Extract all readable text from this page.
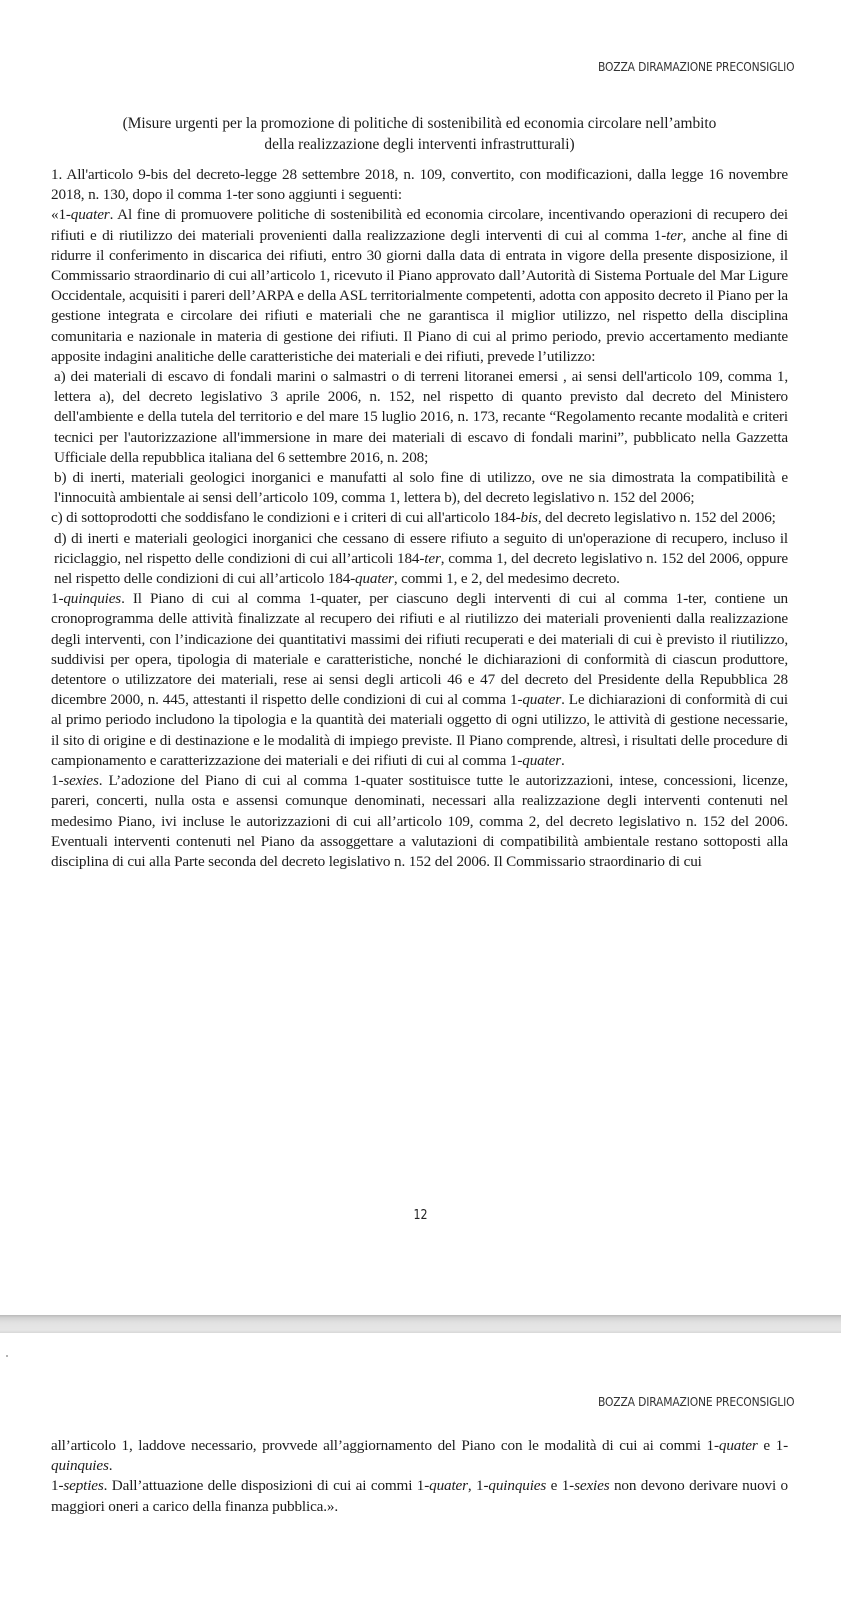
BOZZA DIRAMAZIONE PRECONSIGLIO
(Misure urgenti per la promozione di politiche di sostenibilità ed economia circolare nell’ambito
della realizzazione degli interventi infrastrutturali)

1. All'articolo 9-bis del decreto-legge 28 settembre 2018, n. 109, convertito, con modificazioni, dalla legge 16 novembre 2018, n. 130, dopo il comma 1-ter sono aggiunti i seguenti:

«1-quater. Al fine di promuovere politiche di sostenibilità ed economia circolare, incentivando operazioni di recupero dei rifiuti e di riutilizzo dei materiali provenienti dalla realizzazione degli interventi di cui al comma 1-ter, anche al fine di ridurre il conferimento in discarica dei rifiuti, entro 30 giorni dalla data di entrata in vigore della presente disposizione, il Commissario straordinario di cui all’articolo 1, ricevuto il Piano approvato dall’Autorità di Sistema Portuale del Mar Ligure Occidentale, acquisiti i pareri dell’ARPA e della ASL territorialmente competenti, adotta con apposito decreto il Piano per la gestione integrata e circolare dei rifiuti e materiali che ne garantisca il miglior utilizzo, nel rispetto della disciplina comunitaria e nazionale in materia di gestione dei rifiuti. Il Piano di cui al primo periodo, previo accertamento mediante apposite indagini analitiche delle caratteristiche dei materiali e dei rifiuti, prevede l’utilizzo:

a) dei materiali di escavo di fondali marini o salmastri o di terreni litoranei emersi , ai sensi dell'articolo 109, comma 1, lettera a), del decreto legislativo 3 aprile 2006, n. 152, nel rispetto di quanto previsto dal decreto del Ministero dell'ambiente e della tutela del territorio e del mare 15 luglio 2016, n. 173, recante “Regolamento recante modalità e criteri tecnici per l'autorizzazione all'immersione in mare dei materiali di escavo di fondali marini”, pubblicato nella Gazzetta Ufficiale della repubblica italiana del 6 settembre 2016, n. 208;

b) di inerti, materiali geologici inorganici e manufatti al solo fine di utilizzo, ove ne sia dimostrata la compatibilità e l'innocuità ambientale ai sensi dell’articolo 109, comma 1, lettera b), del decreto legislativo n. 152 del 2006;

c) di sottoprodotti che soddisfano le condizioni e i criteri di cui all'articolo 184-bis, del decreto legislativo n. 152 del 2006;

d) di inerti e materiali geologici inorganici che cessano di essere rifiuto a seguito di un'operazione di recupero, incluso il riciclaggio, nel rispetto delle condizioni di cui all’articoli 184-ter, comma 1, del decreto legislativo n. 152 del 2006, oppure nel rispetto delle condizioni di cui all’articolo 184-quater, commi 1, e 2, del medesimo decreto.

1-quinquies. Il Piano di cui al comma 1-quater, per ciascuno degli interventi di cui al comma 1-ter, contiene un cronoprogramma delle attività finalizzate al recupero dei rifiuti e al riutilizzo dei materiali provenienti dalla realizzazione degli interventi, con l’indicazione dei quantitativi massimi dei rifiuti recuperati e dei materiali di cui è previsto il riutilizzo, suddivisi per opera, tipologia di materiale e caratteristiche, nonché le dichiarazioni di conformità di ciascun produttore, detentore o utilizzatore dei materiali, rese ai sensi degli articoli 46 e 47 del decreto del Presidente della Repubblica 28 dicembre 2000, n. 445, attestanti il rispetto delle condizioni di cui al comma 1-quater. Le dichiarazioni di conformità di cui al primo periodo includono la tipologia e la quantità dei materiali oggetto di ogni utilizzo, le attività di gestione necessarie, il sito di origine e di destinazione e le modalità di impiego previste. Il Piano comprende, altresì, i risultati delle procedure di campionamento e caratterizzazione dei materiali e dei rifiuti di cui al comma 1-quater.

1-sexies. L’adozione del Piano di cui al comma 1-quater sostituisce tutte le autorizzazioni, intese, concessioni, licenze, pareri, concerti, nulla osta e assensi comunque denominati, necessari alla realizzazione degli interventi contenuti nel medesimo Piano, ivi incluse le autorizzazioni di cui all’articolo 109, comma 2, del decreto legislativo n. 152 del 2006. Eventuali interventi contenuti nel Piano da assoggettare a valutazioni di compatibilità ambientale restano sottoposti alla disciplina di cui alla Parte seconda del decreto legislativo n. 152 del 2006. Il Commissario straordinario di cui

12
BOZZA DIRAMAZIONE PRECONSIGLIO

all’articolo 1, laddove necessario, provvede all’aggiornamento del Piano con le modalità di cui ai commi 1-quater e 1-quinquies.

1-septies. Dall’attuazione delle disposizioni di cui ai commi 1-quater, 1-quinquies e 1-sexies non devono derivare nuovi o maggiori oneri a carico della finanza pubblica.».
